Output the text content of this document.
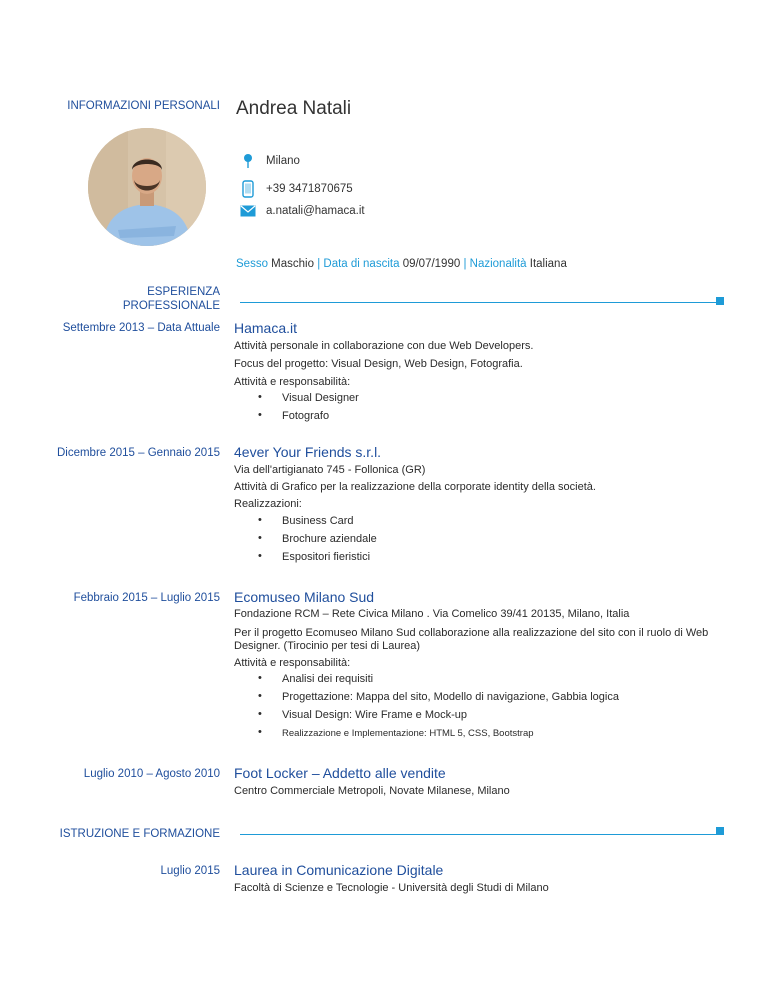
INFORMAZIONI PERSONALI Andrea Natali
Milano
+39 3471870675
a.natali@hamaca.it
Sesso Maschio | Data di nascita 09/07/1990 | Nazionalità Italiana
ESPERIENZA
PROFESSIONALE
Settembre 2013 – Data Attuale Hamaca.it
Attività personale in collaborazione con due Web Developers.
Focus del progetto: Visual Design, Web Design, Fotografia.
Attività e responsabilità:
• Visual Designer
• Fotografo
Dicembre 2015 – Gennaio 2015 4ever Your Friends s.r.l.
Via dell'artigianato 745 - Follonica (GR)
Attività di Grafico per la realizzazione della corporate identity della società.
Realizzazioni:
• Business Card
• Brochure aziendale
• Espositori fieristici
Febbraio 2015 – Luglio 2015 Ecomuseo Milano Sud
Fondazione RCM – Rete Civica Milano . Via Comelico 39/41 20135, Milano, Italia
Per il progetto Ecomuseo Milano Sud collaborazione alla realizzazione del sito con il ruolo di Web
Designer. (Tirocinio per tesi di Laurea)
Attività e responsabilità:
• Analisi dei requisiti
• Progettazione: Mappa del sito, Modello di navigazione, Gabbia logica
• Visual Design: Wire Frame e Mock-up
• Realizzazione e Implementazione: HTML 5, CSS, Bootstrap
Luglio 2010 – Agosto 2010 Foot Locker – Addetto alle vendite
Centro Commerciale Metropoli, Novate Milanese, Milano
ISTRUZIONE E FORMAZIONE
Luglio 2015 Laurea in Comunicazione Digitale
Facoltà di Scienze e Tecnologie - Università degli Studi di Milano
